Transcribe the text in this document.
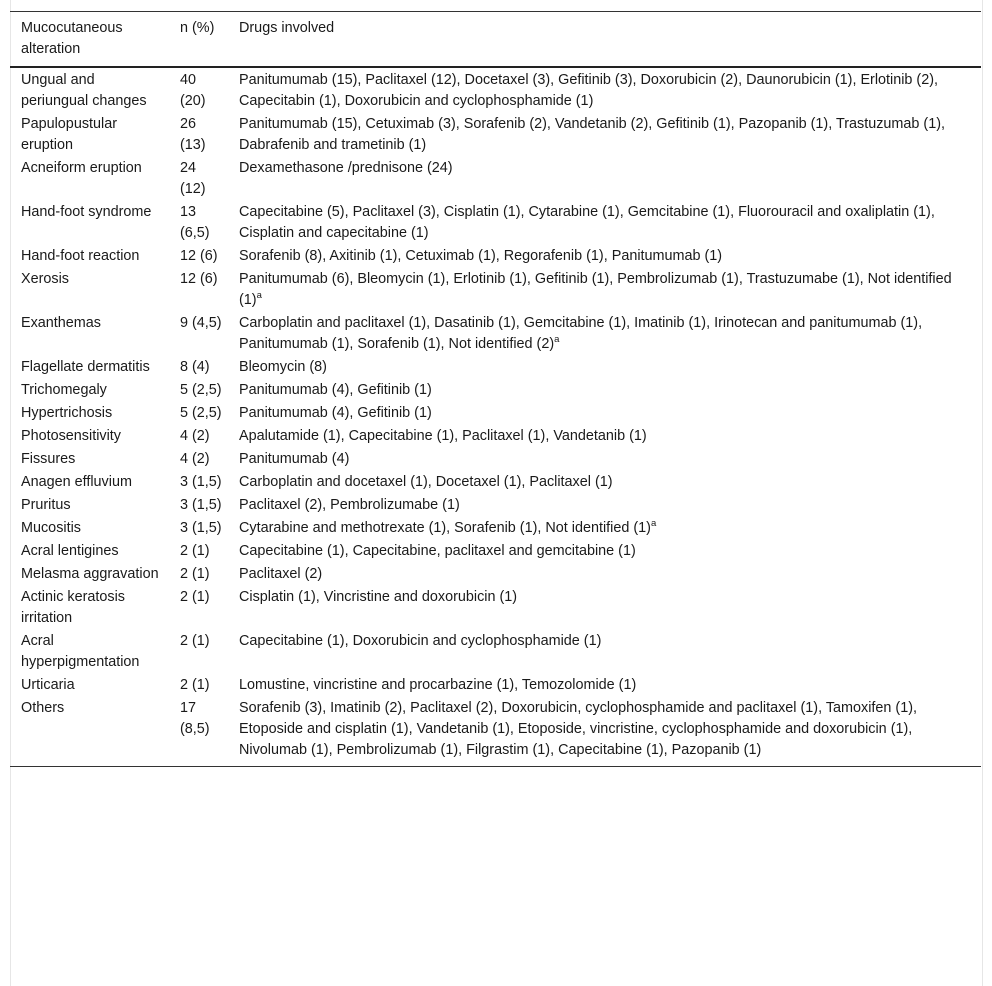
Mucocutaneous alteration	n (%)	Drugs involved
Ungual and periungual changes	40 (20)	Panitumumab (15), Paclitaxel (12), Docetaxel (3), Gefitinib (3), Doxorubicin (2), Daunorubicin (1), Erlotinib (2), Capecitabin (1), Doxorubicin and cyclophosphamide (1)
Papulopustular eruption	26 (13)	Panitumumab (15), Cetuximab (3), Sorafenib (2), Vandetanib (2), Gefitinib (1), Pazopanib (1), Trastuzumab (1), Dabrafenib and trametinib (1)
Acneiform eruption	24 (12)	Dexamethasone /prednisone (24)
Hand-foot syndrome	13 (6,5)	Capecitabine (5), Paclitaxel (3), Cisplatin (1), Cytarabine (1), Gemcitabine (1), Fluorouracil and oxaliplatin (1), Cisplatin and capecitabine (1)
Hand-foot reaction	12 (6)	Sorafenib (8), Axitinib (1), Cetuximab (1), Regorafenib (1), Panitumumab (1)
Xerosis	12 (6)	Panitumumab (6), Bleomycin (1), Erlotinib (1), Gefitinib (1), Pembrolizumab (1), Trastuzumabe (1), Not identified $(1)^a$
Exanthemas	9 (4,5)	Carboplatin and paclitaxel (1), Dasatinib (1), Gemcitabine (1), Imatinib (1), Irinotecan and panitumumab (1), Panitumumab (1), Sorafenib (1), Not identified $(2)^a$
Flagellate dermatitis	8 (4)	Bleomycin (8)
Trichomegaly	5 (2,5)	Panitumumab (4), Gefitinib (1)
Hypertrichosis	5 (2,5)	Panitumumab (4), Gefitinib (1)
Photosensitivity	4 (2)	Apalutamide (1), Capecitabine (1), Paclitaxel (1), Vandetanib (1)
Fissures	4 (2)	Panitumumab (4)
Anagen effluvium	3 (1,5)	Carboplatin and docetaxel (1), Docetaxel (1), Paclitaxel (1)
Pruritus	3 (1,5)	Paclitaxel (2), Pembrolizumabe (1)
Mucositis	3 (1,5)	Cytarabine and methotrexate (1), Sorafenib (1), Not identified $(1)^a$
Acral lentigines	2 (1)	Capecitabine (1), Capecitabine, paclitaxel and gemcitabine (1)
Melasma aggravation	2 (1)	Paclitaxel (2)
Actinic keratosis irritation	2 (1)	Cisplatin (1), Vincristine and doxorubicin (1)
Acral hyperpigmentation	2 (1)	Capecitabine (1), Doxorubicin and cyclophosphamide (1)
Urticaria	2 (1)	Lomustine, vincristine and procarbazine (1), Temozolomide (1)
Others	17 (8,5)	Sorafenib (3), Imatinib (2), Paclitaxel (2), Doxorubicin, cyclophosphamide and paclitaxel (1), Tamoxifen (1), Etoposide and cisplatin (1), Vandetanib (1), Etoposide, vincristine, cyclophosphamide and doxorubicin (1), Nivolumab (1), Pembrolizumab (1), Filgrastim (1), Capecitabine (1), Pazopanib (1)
